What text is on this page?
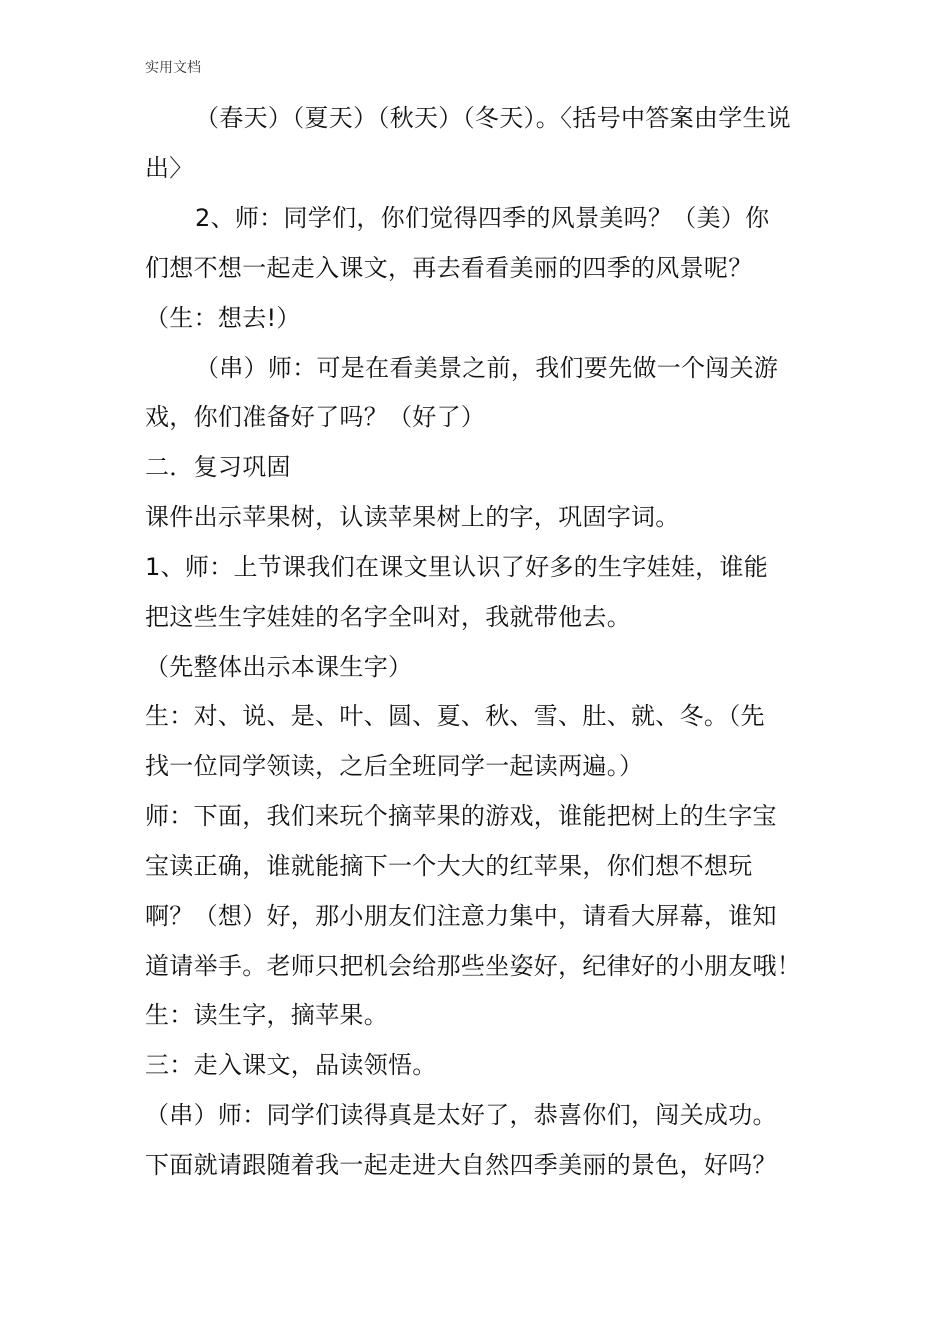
实用文档
（春天）（夏天）（秋天）（冬天）。〈括号中答案由学生说
出〉
2、师：同学们，你们觉得四季的风景美吗？（美）你
们想不想一起走入课文，再去看看美丽的四季的风景呢？
（生：想去!）
（串）师：可是在看美景之前，我们要先做一个闯关游
戏，你们准备好了吗？（好了）
二．复习巩固
课件出示苹果树，认读苹果树上的字，巩固字词。
1、师：上节课我们在课文里认识了好多的生字娃娃，谁能
把这些生字娃娃的名字全叫对，我就带他去。
（先整体出示本课生字）
生：对、说、是、叶、圆、夏、秋、雪、肚、就、冬。（先
找一位同学领读，之后全班同学一起读两遍。）
师：下面，我们来玩个摘苹果的游戏，谁能把树上的生字宝
宝读正确，谁就能摘下一个大大的红苹果，你们想不想玩
啊？（想）好，那小朋友们注意力集中，请看大屏幕，谁知
道请举手。老师只把机会给那些坐姿好，纪律好的小朋友哦！
生：读生字，摘苹果。
三：走入课文，品读领悟。
（串）师：同学们读得真是太好了，恭喜你们，闯关成功。
下面就请跟随着我一起走进大自然四季美丽的景色，好吗？
